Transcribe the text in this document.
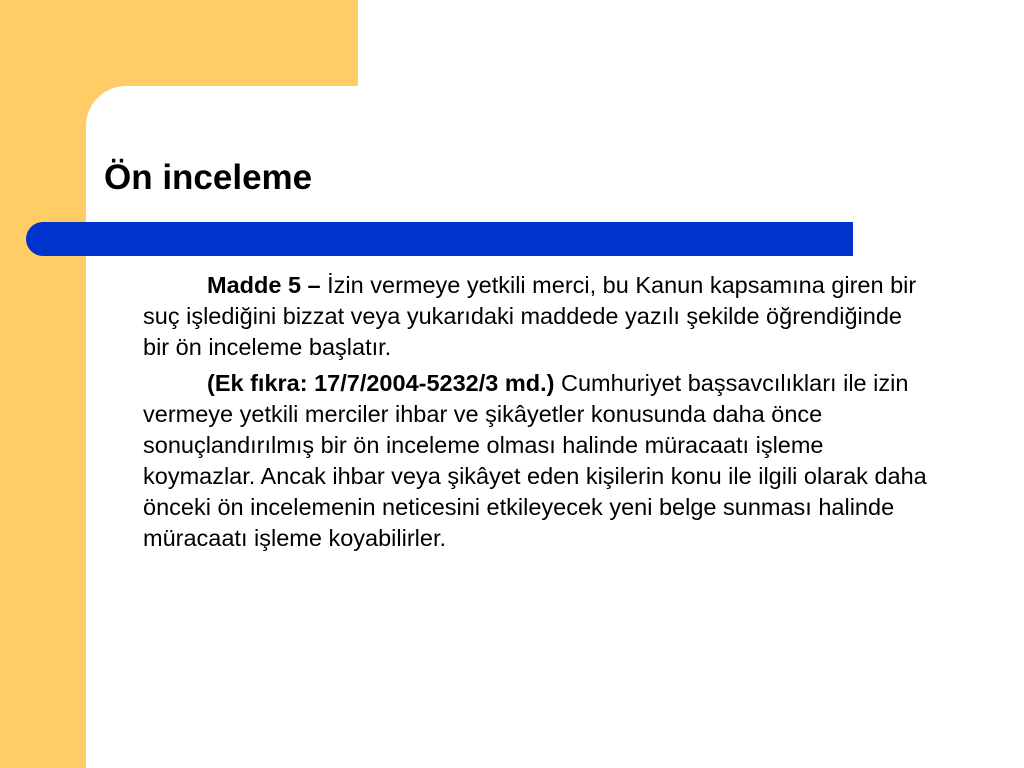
Ön inceleme

Madde 5 – İzin vermeye yetkili merci, bu Kanun kapsamına giren bir suç işlediğini bizzat veya yukarıdaki maddede yazılı şekilde öğrendiğinde bir ön inceleme başlatır.

(Ek fıkra: 17/7/2004-5232/3 md.) Cumhuriyet başsavcılıkları ile izin vermeye yetkili merciler ihbar ve şikâyetler konusunda daha önce sonuçlandırılmış bir ön inceleme olması halinde müracaatı işleme koymazlar. Ancak ihbar veya şikâyet eden kişilerin konu ile ilgili olarak daha önceki ön incelemenin neticesini etkileyecek yeni belge sunması halinde müracaatı işleme koyabilirler.
